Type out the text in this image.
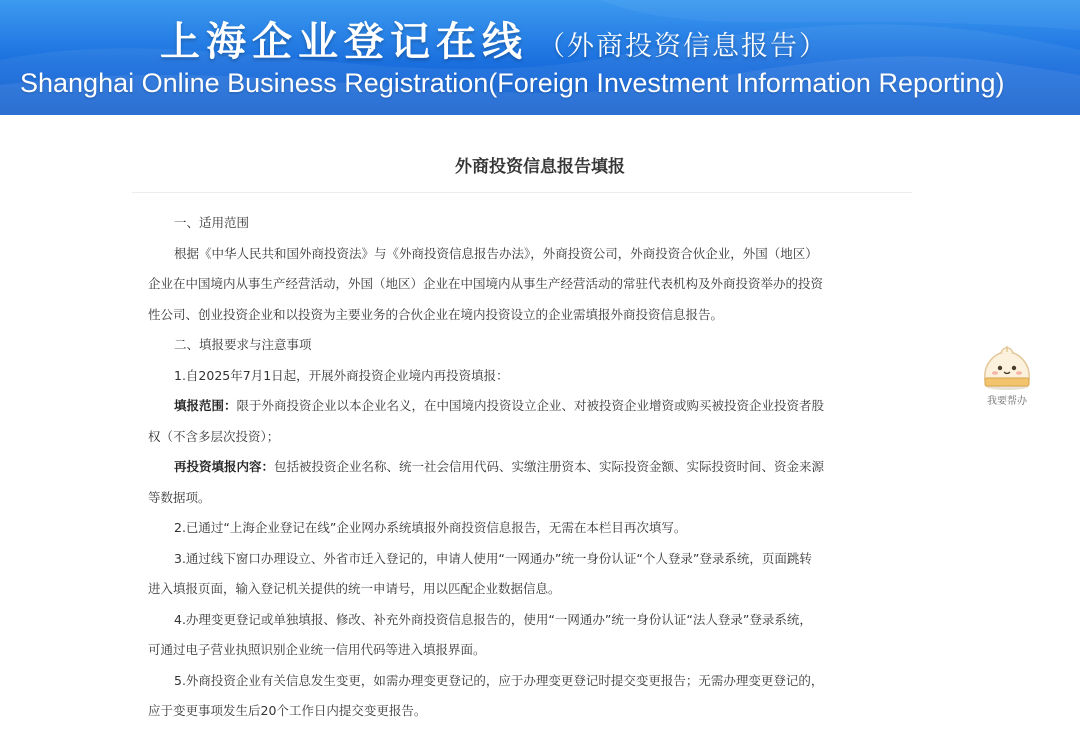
上海企业登记在线 （外商投资信息报告）
Shanghai Online Business Registration(Foreign Investment Information Reporting)
外商投资信息报告填报
一、适用范围
根据《中华人民共和国外商投资法》与《外商投资信息报告办法》，外商投资公司，外商投资合伙企业，外国（地区）
企业在中国境内从事生产经营活动，外国（地区）企业在中国境内从事生产经营活动的常驻代表机构及外商投资举办的投资
性公司、创业投资企业和以投资为主要业务的合伙企业在境内投资设立的企业需填报外商投资信息报告。
二、填报要求与注意事项
1.自2025年7月1日起，开展外商投资企业境内再投资填报：
填报范围：限于外商投资企业以本企业名义，在中国境内投资设立企业、对被投资企业增资或购买被投资企业投资者股
权（不含多层次投资）；
再投资填报内容：包括被投资企业名称、统一社会信用代码、实缴注册资本、实际投资金额、实际投资时间、资金来源
等数据项。
2.已通过“上海企业登记在线”企业网办系统填报外商投资信息报告，无需在本栏目再次填写。
3.通过线下窗口办理设立、外省市迁入登记的，申请人使用“一网通办”统一身份认证“个人登录”登录系统，页面跳转
进入填报页面，输入登记机关提供的统一申请号，用以匹配企业数据信息。
4.办理变更登记或单独填报、修改、补充外商投资信息报告的，使用“一网通办”统一身份认证“法人登录”登录系统，
可通过电子营业执照识别企业统一信用代码等进入填报界面。
5.外商投资企业有关信息发生变更，如需办理变更登记的，应于办理变更登记时提交变更报告；无需办理变更登记的，
应于变更事项发生后20个工作日内提交变更报告。
我要帮办
